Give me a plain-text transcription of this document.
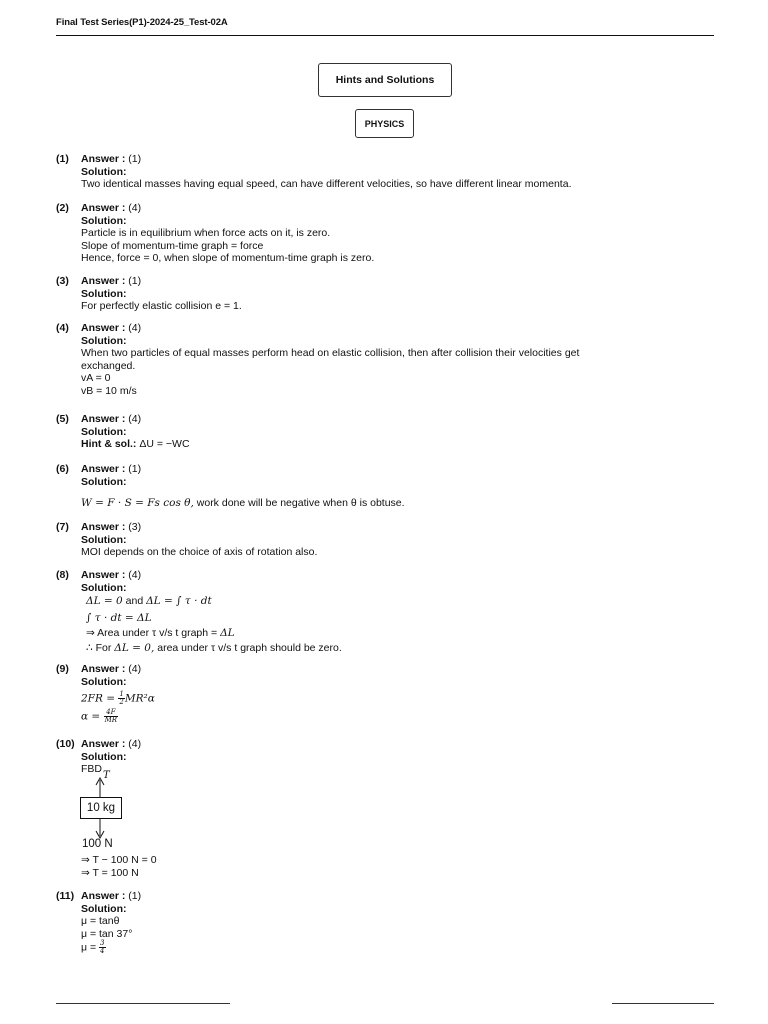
Final Test Series(P1)-2024-25_Test-02A
Hints and Solutions
PHYSICS
(1) Answer : (1)
Solution:
Two identical masses having equal speed, can have different velocities, so have different linear momenta.
(2) Answer : (4)
Solution:
Particle is in equilibrium when force acts on it, is zero.
Slope of momentum-time graph = force
Hence, force = 0, when slope of momentum-time graph is zero.
(3) Answer : (1)
Solution:
For perfectly elastic collision e = 1.
(4) Answer : (4)
Solution:
When two particles of equal masses perform head on elastic collision, then after collision their velocities get
exchanged.
vA = 0
vB = 10 m/s
(5) Answer : (4)
Solution:
Hint & sol.: ΔU = −WC
(6) Answer : (1)
Solution:
W = F · S = Fs cos θ, work done will be negative when θ is obtuse.
(7) Answer : (3)
Solution:
MOI depends on the choice of axis of rotation also.
(8) Answer : (4)
Solution:
ΔL = 0 and ΔL = ∫ τ · dt
∫ τ · dt = ΔL
⇒ Area under τ v/s t graph = ΔL
∴ For ΔL = 0, area under τ v/s t graph should be zero.
(9) Answer : (4)
Solution:
$2FR = \frac{1}{2} MR^2\alpha$
$\alpha = \frac{4F}{MR}$
(10) Answer : (4)
Solution:
FBD
T
10 kg
100 N
⇒ T − 100 N = 0
⇒ T = 100 N
(11) Answer : (1)
Solution:
μ = tanθ
μ = tan 37°
$\mu = \frac{3}{4}$
